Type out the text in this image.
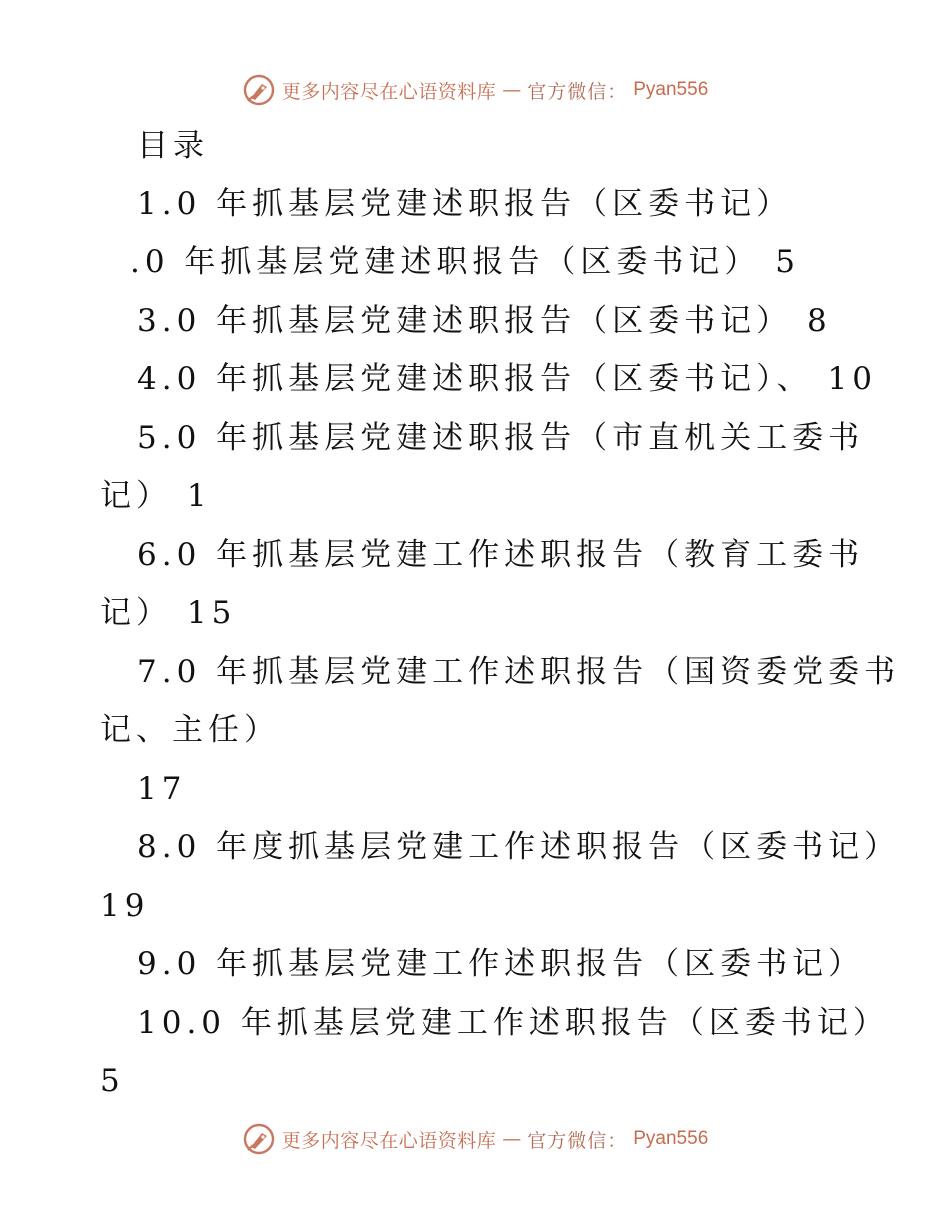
更多内容尽在心语资料库 — 官方微信： Pyan556
目录
1.0 年抓基层党建述职报告（区委书记）
.0 年抓基层党建述职报告（区委书记） 5
3.0 年抓基层党建述职报告（区委书记） 8
4.0 年抓基层党建述职报告（区委书记）、 10
5.0 年抓基层党建述职报告（市直机关工委书
记） 1
6.0 年抓基层党建工作述职报告（教育工委书
记） 15
7.0 年抓基层党建工作述职报告（国资委党委书
记、主任）
17
8.0 年度抓基层党建工作述职报告（区委书记）
19
9.0 年抓基层党建工作述职报告（区委书记）
10.0 年抓基层党建工作述职报告（区委书记）
5
更多内容尽在心语资料库 — 官方微信： Pyan556
